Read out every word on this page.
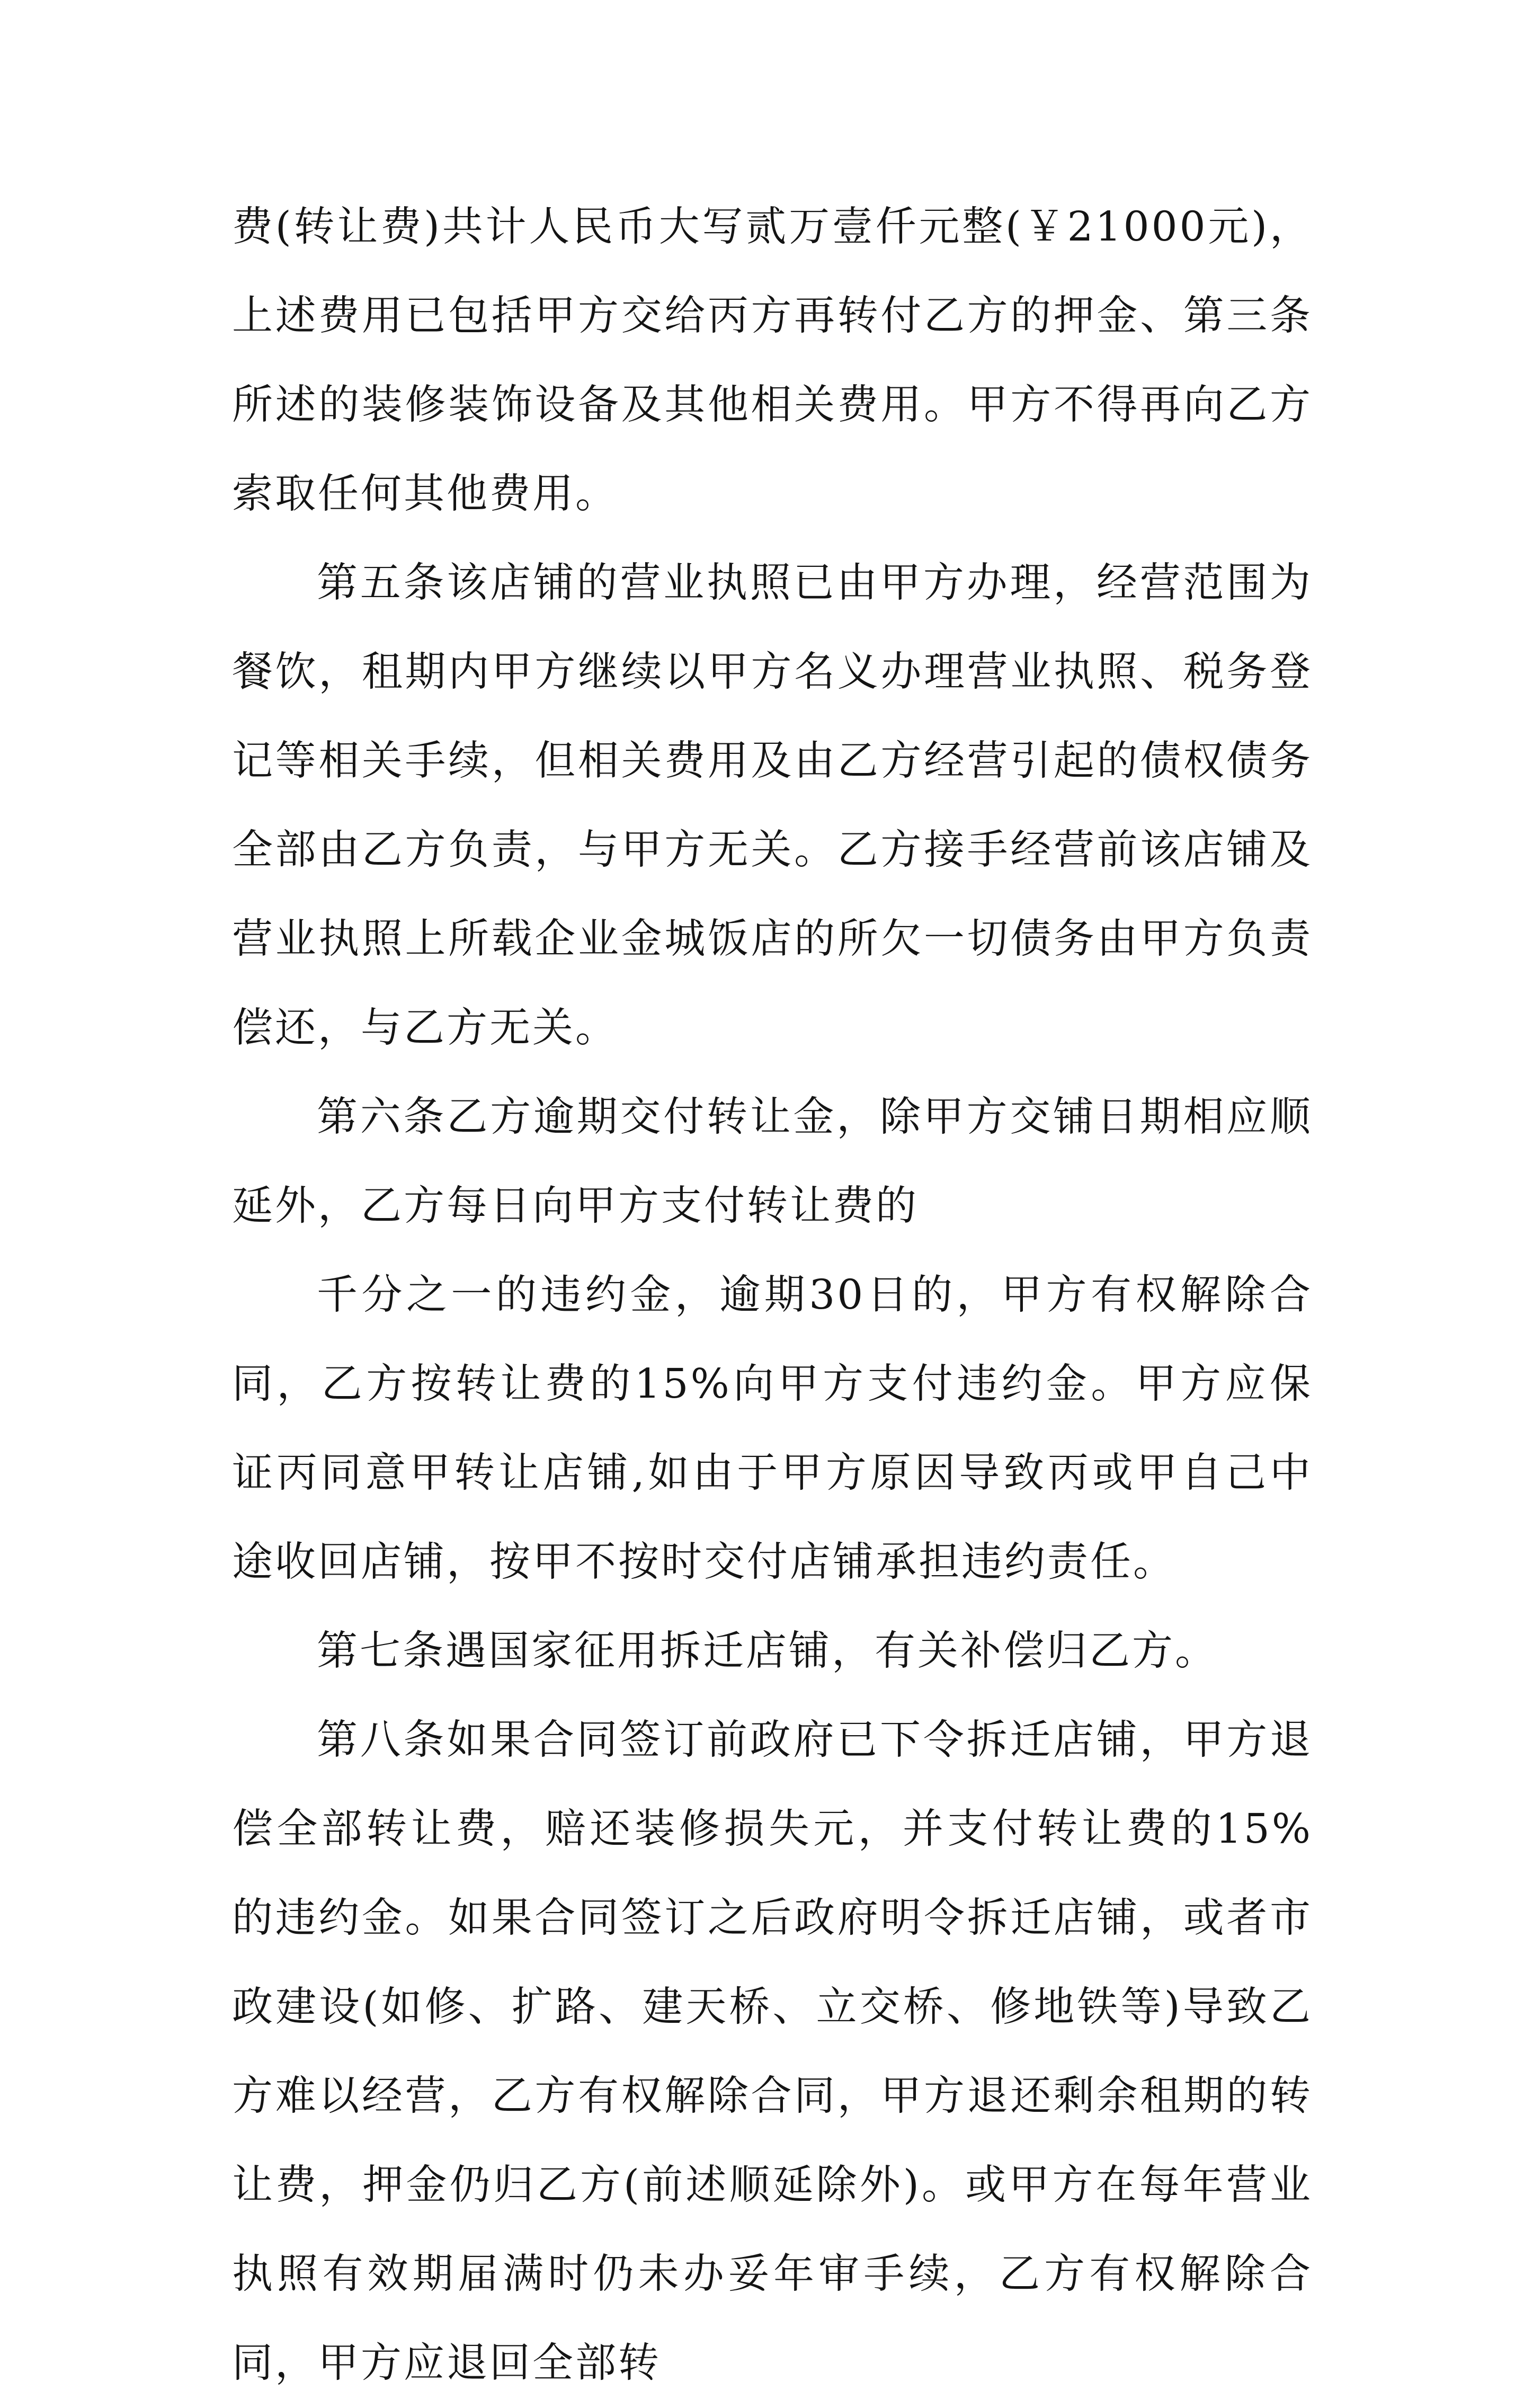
费(转让费)共计人民币大写贰万壹仟元整(￥21000元)，上述费用已包括甲方交给丙方再转付乙方的押金、第三条所述的装修装饰设备及其他相关费用。甲方不得再向乙方索取任何其他费用。

第五条该店铺的营业执照已由甲方办理，经营范围为餐饮，租期内甲方继续以甲方名义办理营业执照、税务登记等相关手续，但相关费用及由乙方经营引起的债权债务全部由乙方负责，与甲方无关。乙方接手经营前该店铺及营业执照上所载企业金城饭店的所欠一切债务由甲方负责偿还，与乙方无关。

第六条乙方逾期交付转让金，除甲方交铺日期相应顺延外，乙方每日向甲方支付转让费的

千分之一的违约金，逾期30日的，甲方有权解除合同，乙方按转让费的15%向甲方支付违约金。甲方应保证丙同意甲转让店铺,如由于甲方原因导致丙或甲自己中途收回店铺，按甲不按时交付店铺承担违约责任。

第七条遇国家征用拆迁店铺，有关补偿归乙方。

第八条如果合同签订前政府已下令拆迁店铺，甲方退偿全部转让费，赔还装修损失元，并支付转让费的15%的违约金。如果合同签订之后政府明令拆迁店铺，或者市政建设(如修、扩路、建天桥、立交桥、修地铁等)导致乙方难以经营，乙方有权解除合同，甲方退还剩余租期的转让费，押金仍归乙方(前述顺延除外)。或甲方在每年营业执照有效期届满时仍未办妥年审手续，乙方有权解除合同，甲方应退回全部转
